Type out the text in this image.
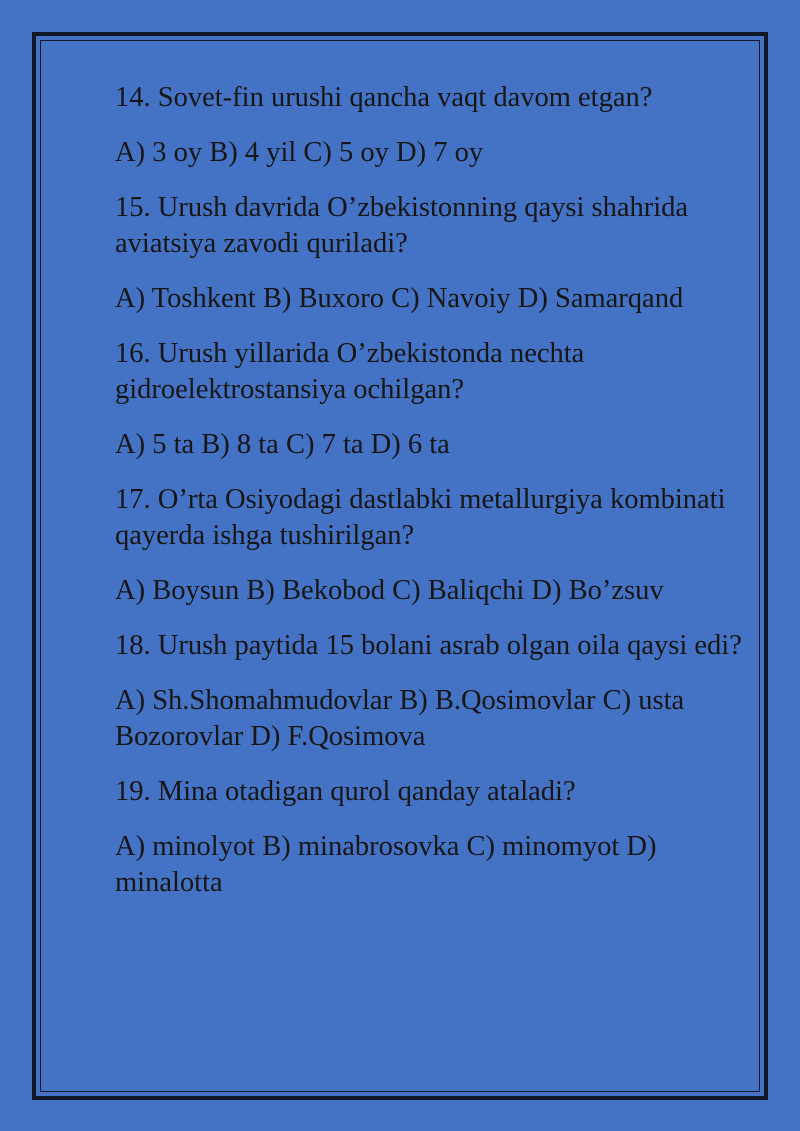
14. Sovet-fin urushi qancha vaqt davom etgan?

A) 3 oy B) 4 yil C) 5 oy D) 7 oy

15. Urush davrida O’zbekistonning qaysi shahrida aviatsiya zavodi quriladi?

A) Toshkent B) Buxoro C) Navoiy D) Samarqand

16. Urush yillarida O’zbekistonda nechta gidroelektrostansiya ochilgan?

A) 5 ta B) 8 ta C) 7 ta D) 6 ta

17. O’rta Osiyodagi dastlabki metallurgiya kombinati qayerda ishga tushirilgan?

A) Boysun B) Bekobod C) Baliqchi D) Bo’zsuv

18. Urush paytida 15 bolani asrab olgan oila qaysi edi?

A) Sh.Shomahmudovlar B) B.Qosimovlar C) usta Bozorovlar D) F.Qosimova

19. Mina otadigan qurol qanday ataladi?

A) minolyot B) minabrosovka C) minomyot D) minalotta
